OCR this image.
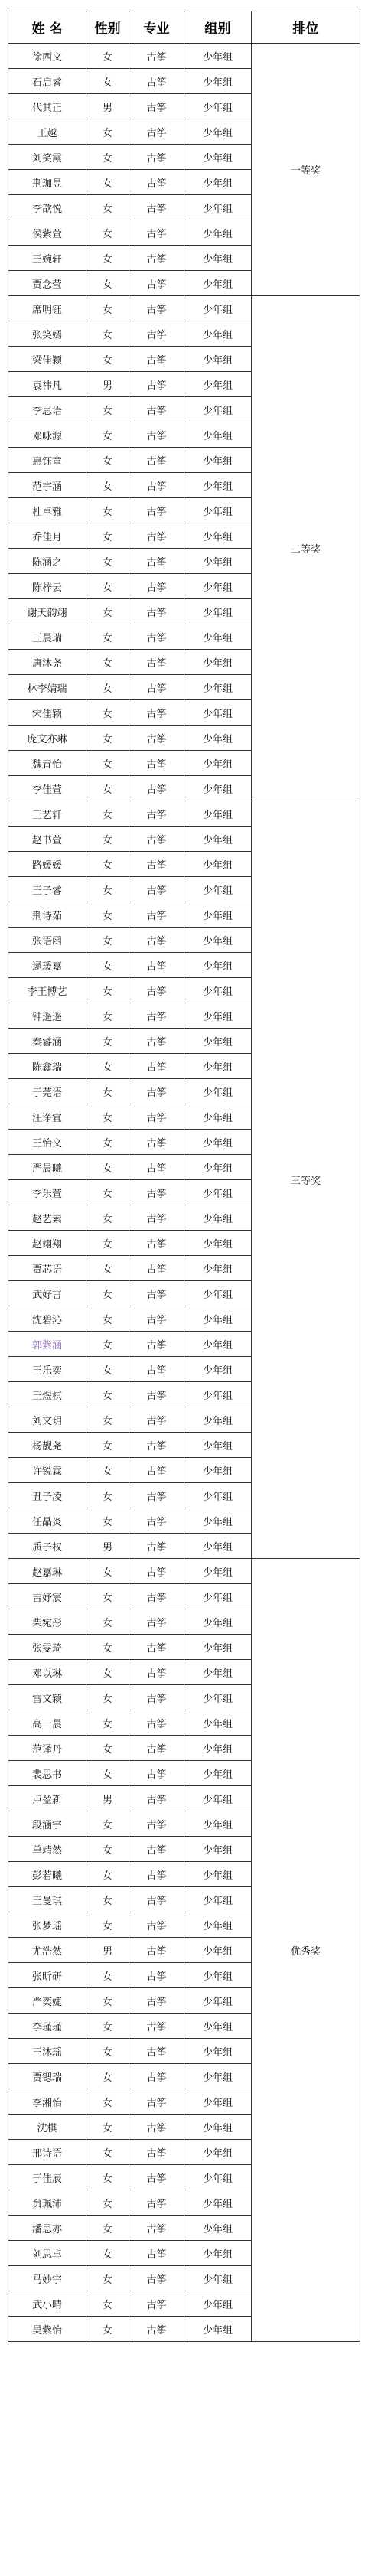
姓 名	性别	专业	组别	排位
徐西文	女	古筝	少年组	一等奖
石启睿	女	古筝	少年组	
代其正	男	古筝	少年组	
王越	女	古筝	少年组	
刘笑霞	女	古筝	少年组	
荆珈昱	女	古筝	少年组	
李歆悦	女	古筝	少年组	
侯紫萱	女	古筝	少年组	
王婉轩	女	古筝	少年组	
贾念莹	女	古筝	少年组	
席明钰	女	古筝	少年组	二等奖
张笑嫣	女	古筝	少年组	
梁佳颖	女	古筝	少年组	
袁祎凡	男	古筝	少年组	
李思语	女	古筝	少年组	
邓咏源	女	古筝	少年组	
惠钰童	女	古筝	少年组	
范宇涵	女	古筝	少年组	
杜卓雅	女	古筝	少年组	
乔佳月	女	古筝	少年组	
陈涵之	女	古筝	少年组	
陈梓云	女	古筝	少年组	
谢天韵翊	女	古筝	少年组	
王晨瑞	女	古筝	少年组	
唐沐尧	女	古筝	少年组	
林李婧瑞	女	古筝	少年组	
宋佳颖	女	古筝	少年组	
庞文亦琳	女	古筝	少年组	
魏青怡	女	古筝	少年组	
李佳萱	女	古筝	少年组	
王艺轩	女	古筝	少年组	三等奖
赵书萱	女	古筝	少年组	
路媛媛	女	古筝	少年组	
王子睿	女	古筝	少年组	
荆诗茹	女	古筝	少年组	
张语函	女	古筝	少年组	
逯瑗嘉	女	古筝	少年组	
李王博艺	女	古筝	少年组	
钟遥遥	女	古筝	少年组	
秦睿涵	女	古筝	少年组	
陈鑫瑞	女	古筝	少年组	
于莞语	女	古筝	少年组	
汪诤宜	女	古筝	少年组	
王怡文	女	古筝	少年组	
严晨曦	女	古筝	少年组	
李乐萱	女	古筝	少年组	
赵艺素	女	古筝	少年组	
赵翊翔	女	古筝	少年组	
贾芯语	女	古筝	少年组	
武好言	女	古筝	少年组	
沈碧沁	女	古筝	少年组	
郭紫涵	女	古筝	少年组	
王乐奕	女	古筝	少年组	
王煜棋	女	古筝	少年组	
刘文玥	女	古筝	少年组	
杨靓尧	女	古筝	少年组	
许锐霖	女	古筝	少年组	
丑子凌	女	古筝	少年组	
任晶炎	女	古筝	少年组	
质子权	男	古筝	少年组	
赵嘉琳	女	古筝	少年组	优秀奖
吉妤宸	女	古筝	少年组	
柴宛彤	女	古筝	少年组	
张雯琦	女	古筝	少年组	
邓以琳	女	古筝	少年组	
雷文颖	女	古筝	少年组	
高一晨	女	古筝	少年组	
范译丹	女	古筝	少年组	
裴思书	女	古筝	少年组	
卢盈新	男	古筝	少年组	
段涵宇	女	古筝	少年组	
单靖然	女	古筝	少年组	
彭若曦	女	古筝	少年组	
王曼琪	女	古筝	少年组	
张梦瑶	女	古筝	少年组	
尤浩然	男	古筝	少年组	
张昕研	女	古筝	少年组	
严奕婕	女	古筝	少年组	
李瑾瑾	女	古筝	少年组	
王沐瑶	女	古筝	少年组	
贾锶瑞	女	古筝	少年组	
李湘怡	女	古筝	少年组	
沈棋	女	古筝	少年组	
邢诗语	女	古筝	少年组	
于佳辰	女	古筝	少年组	
贠珮沛	女	古筝	少年组	
潘思亦	女	古筝	少年组	
刘思卓	女	古筝	少年组	
马妙宇	女	古筝	少年组	
武小晴	女	古筝	少年组	
吴紫怡	女	古筝	少年组	
